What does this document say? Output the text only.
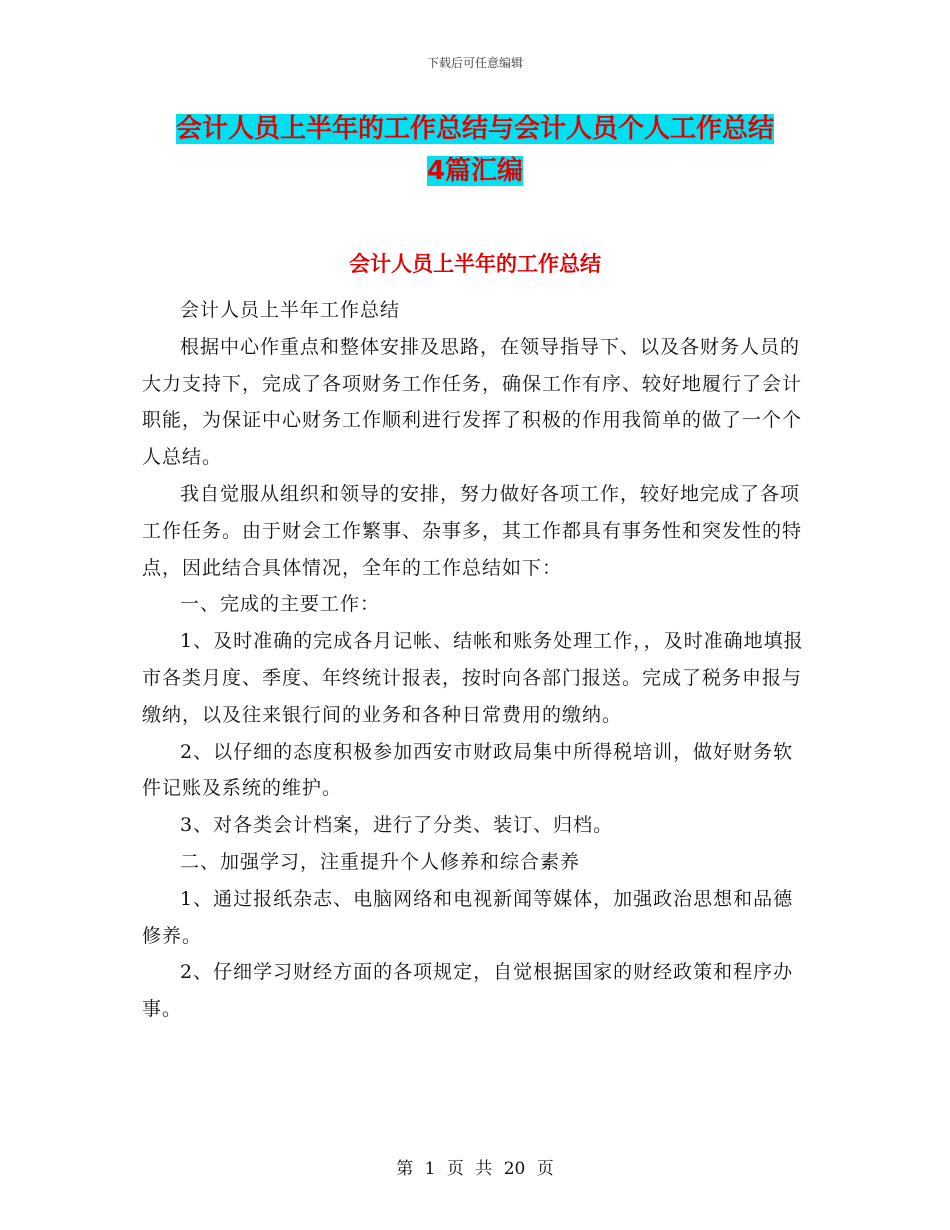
下载后可任意编辑
会计人员上半年的工作总结与会计人员个人工作总结
4篇汇编
会计人员上半年的工作总结

会计人员上半年工作总结

根据中心作重点和整体安排及思路，在领导指导下、以及各财务人员的大力支持下，完成了各项财务工作任务，确保工作有序、较好地履行了会计职能，为保证中心财务工作顺利进行发挥了积极的作用我简单的做了一个个人总结。

我自觉服从组织和领导的安排，努力做好各项工作，较好地完成了各项工作任务。由于财会工作繁事、杂事多，其工作都具有事务性和突发性的特点，因此结合具体情况，全年的工作总结如下：

一、完成的主要工作：

1、及时准确的完成各月记帐、结帐和账务处理工作，，及时准确地填报市各类月度、季度、年终统计报表，按时向各部门报送。完成了税务申报与缴纳，以及往来银行间的业务和各种日常费用的缴纳。

2、以仔细的态度积极参加西安市财政局集中所得税培训，做好财务软件记账及系统的维护。

3、对各类会计档案，进行了分类、装订、归档。

二、加强学习，注重提升个人修养和综合素养

1、通过报纸杂志、电脑网络和电视新闻等媒体，加强政治思想和品德修养。

2、仔细学习财经方面的各项规定，自觉根据国家的财经政策和程序办事。

第 1 页 共 20 页
